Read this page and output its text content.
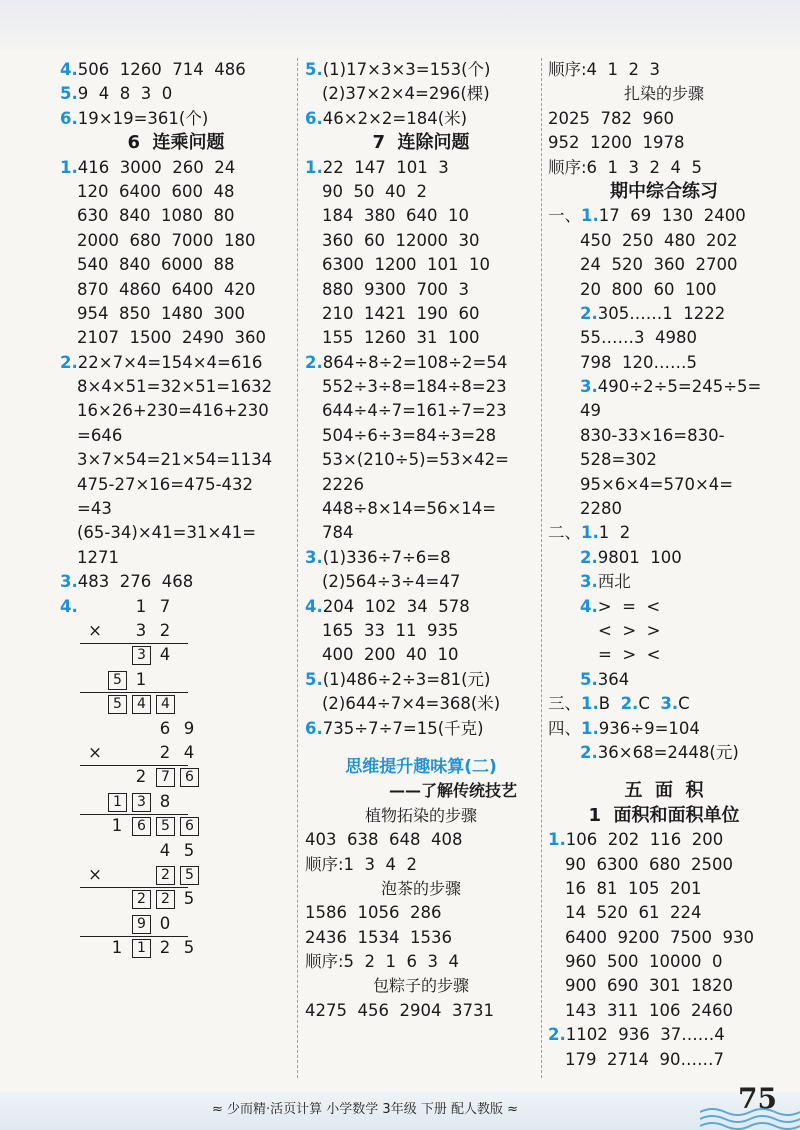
4.506  1260  714  486
5.9  4  8  3  0
6.19×19=361(个)
6  连乘问题
1.416  3000  260  24
120  6400  600  48
630  840  1080  80
2000  680  7000  180
540  840  6000  88
870  4860  6400  420
954  850  1480  300
2107  1500  2490  360
2.22×7×4=154×4=616
8×4×51=32×51=1632
16×26+230=416+230
=646
3×7×54=21×54=1134
475-27×16=475-432
=43
(65-34)×41=31×41=
1271
3.483  276  468
4.	1 7
× 3 2
3 4
5 1
5	4	4
6 9
×	2 4
2	7	6
1	3 8
1	6	5	6
4 5
×	2	5
2	2 5
9 0
1	1 2 5
5.(1)17×3×3=153(个)
(2)37×2×4=296(棵)
6.46×2×2=184(米)
7  连除问题
1.22  147  101  3
90  50  40  2
184  380  640  10
360  60  12000  30
6300  1200  101  10
880  9300  700  3
210  1421  190  60
155  1260  31  100
2.864÷8÷2=108÷2=54
552÷3÷8=184÷8=23
644÷4÷7=161÷7=23
504÷6÷3=84÷3=28
53×(210÷5)=53×42=
2226
448÷8×14=56×14=
784
3.(1)336÷7÷6=8
(2)564÷3÷4=47
4.204  102  34  578
165  33  11  935
400  200  40  10
5.(1)486÷2÷3=81(元)
(2)644÷7×4=368(米)
6.735÷7÷7=15(千克)
思维提升趣味算(二)
——了解传统技艺
植物拓染的步骤
403  638  648  408
顺序:1  3  4  2
泡茶的步骤
1586  1056  286
2436  1534  1536
顺序:5  2  1  6  3  4
包粽子的步骤
4275  456  2904  3731
顺序:4  1  2  3
扎染的步骤
2025  782  960
952  1200  1978
顺序:6  1  3  2  4  5
期中综合练习
一、1.17  69  130  2400
450  250  480  202
24  520  360  2700
20  800  60  100
2.305……1  1222
55……3  4980
798  120……5
3.490÷2÷5=245÷5=
49
830-33×16=830-
528=302
95×6×4=570×4=
2280
二、1.1  2
2.9801  100
3.西北
4.>  =  <
<  >  >
=  >  <
5.364
三、1.B 2.C 3.C
四、1.936÷9=104
2.36×68=2448(元)
五  面  积
1  面积和面积单位
1.106  202  116  200
90  6300  680  2500
16  81  105  201
14  520  61  224
6400  9200  7500  930
960  500  10000  0
900  690  301  1820
143  311  106  2460
2.1102  936  37……4
179  2714  90……7
≈ 少而精·活页计算 小学数学 3年级 下册 配人教版 ≈	75
